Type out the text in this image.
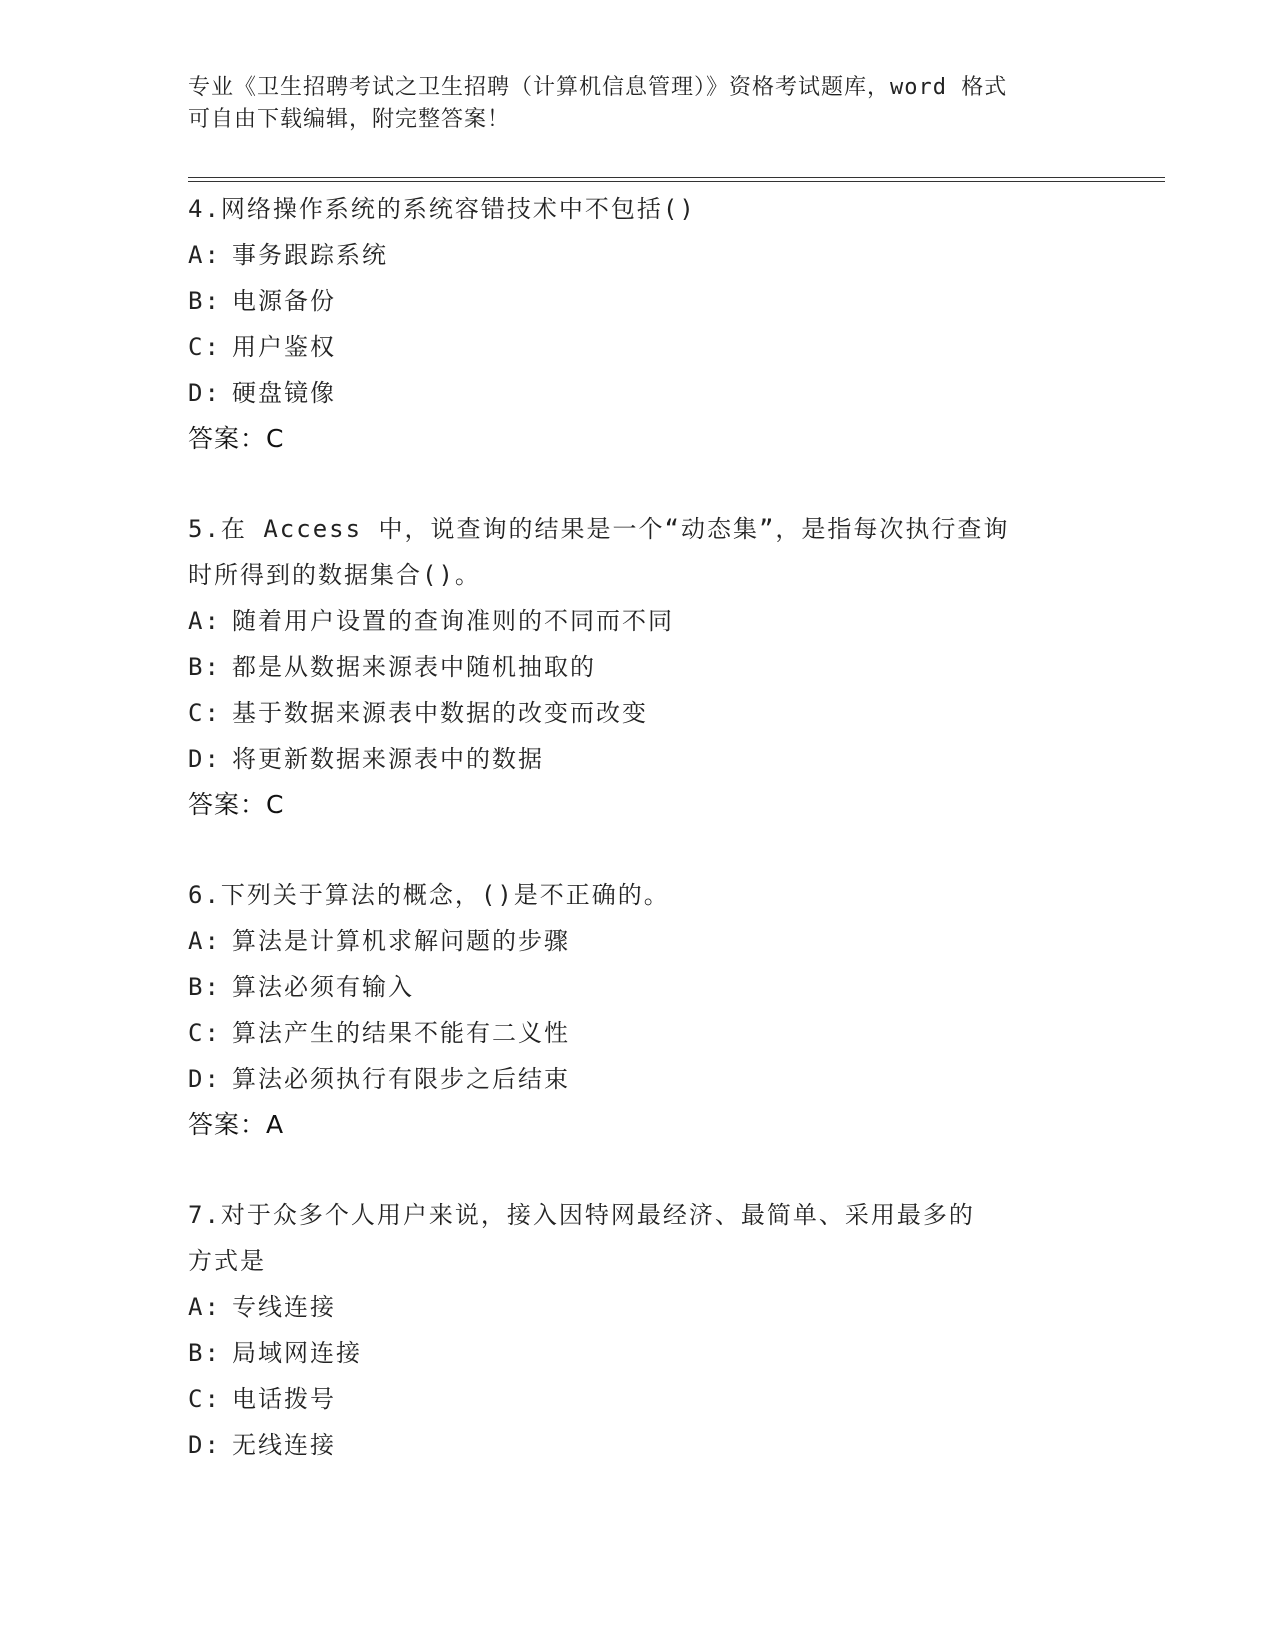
专业《卫生招聘考试之卫生招聘（计算机信息管理）》资格考试题库，word 格式
可自由下载编辑，附完整答案！
4.网络操作系统的系统容错技术中不包括()
A: 事务跟踪系统
B: 电源备份
C: 用户鉴权
D: 硬盘镜像
答案：C
5.在 Access 中，说查询的结果是一个“动态集”，是指每次执行查询
时所得到的数据集合()。
A: 随着用户设置的查询准则的不同而不同
B: 都是从数据来源表中随机抽取的
C: 基于数据来源表中数据的改变而改变
D: 将更新数据来源表中的数据
答案：C
6.下列关于算法的概念，()是不正确的。
A: 算法是计算机求解问题的步骤
B: 算法必须有输入
C: 算法产生的结果不能有二义性
D: 算法必须执行有限步之后结束
答案：A
7.对于众多个人用户来说，接入因特网最经济、最简单、采用最多的
方式是
A: 专线连接
B: 局域网连接
C: 电话拨号
D: 无线连接
